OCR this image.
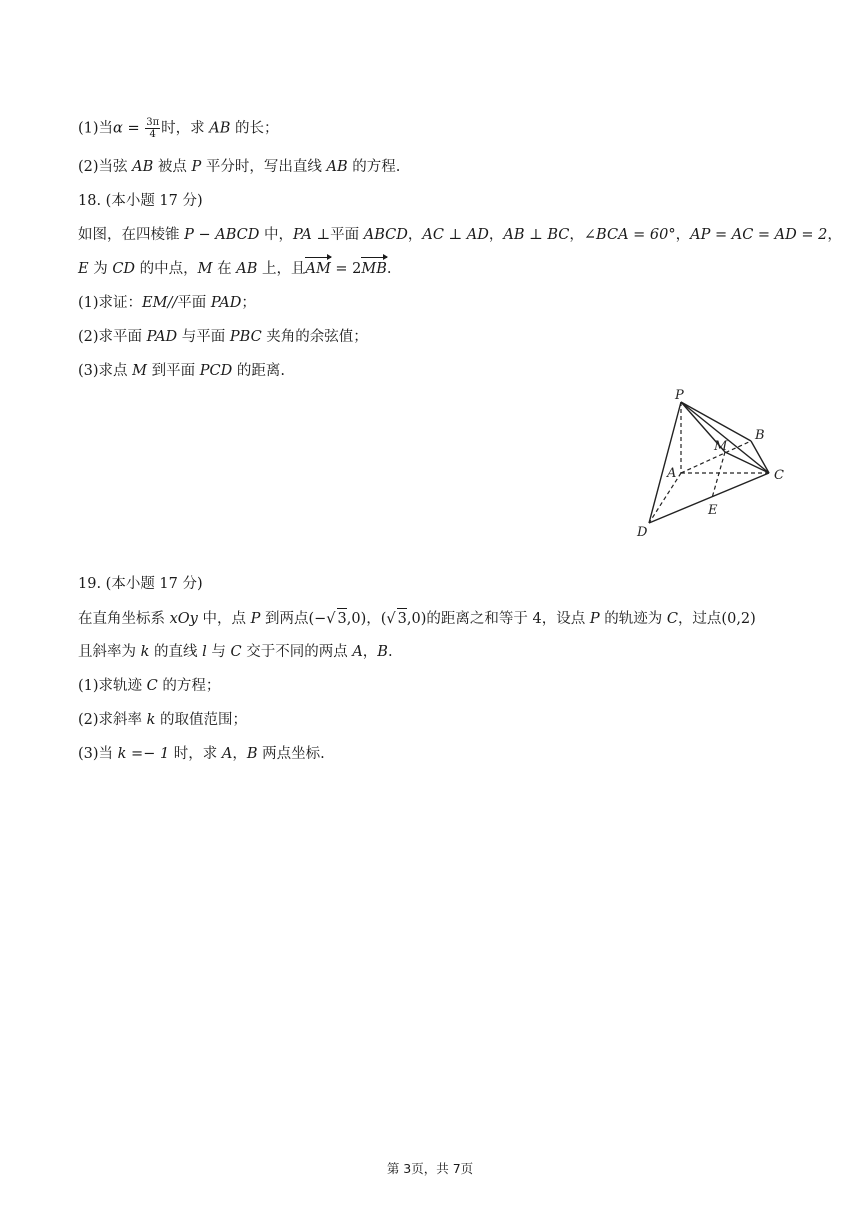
(1)当$\alpha = \frac{3\pi}{4}$ 时，求 AB 的长；
(2)当弦 AB 被点 P 平分时，写出直线 AB 的方程.
18. (本小题 17 分)
如图，在四棱锥 P − ABCD 中，PA ⊥平面 ABCD，AC ⊥ AD，AB ⊥ BC，∠BCA = 60°，AP = AC = AD = 2，
E 为 CD 的中点，M 在 AB 上，且AM = 2MB.
(1)求证：EM//平面 PAD；
(2)求平面 PAD 与平面 PBC 夹角的余弦值；
(3)求点 M 到平面 PCD 的距离.
P
B
M
A	C
E
D
19. (本小题 17 分)
在直角坐标系 xOy 中，点 P 到两点(−√ 3,0)，(√ 3,0)的距离之和等于 4，设点 P 的轨迹为 C，过点(0,2)
且斜率为 k 的直线 l 与 C 交于不同的两点 A，B.
(1)求轨迹 C 的方程；
(2)求斜率 k 的取值范围；
(3)当 k =− 1 时，求 A，B 两点坐标.
第 3页，共 7页
